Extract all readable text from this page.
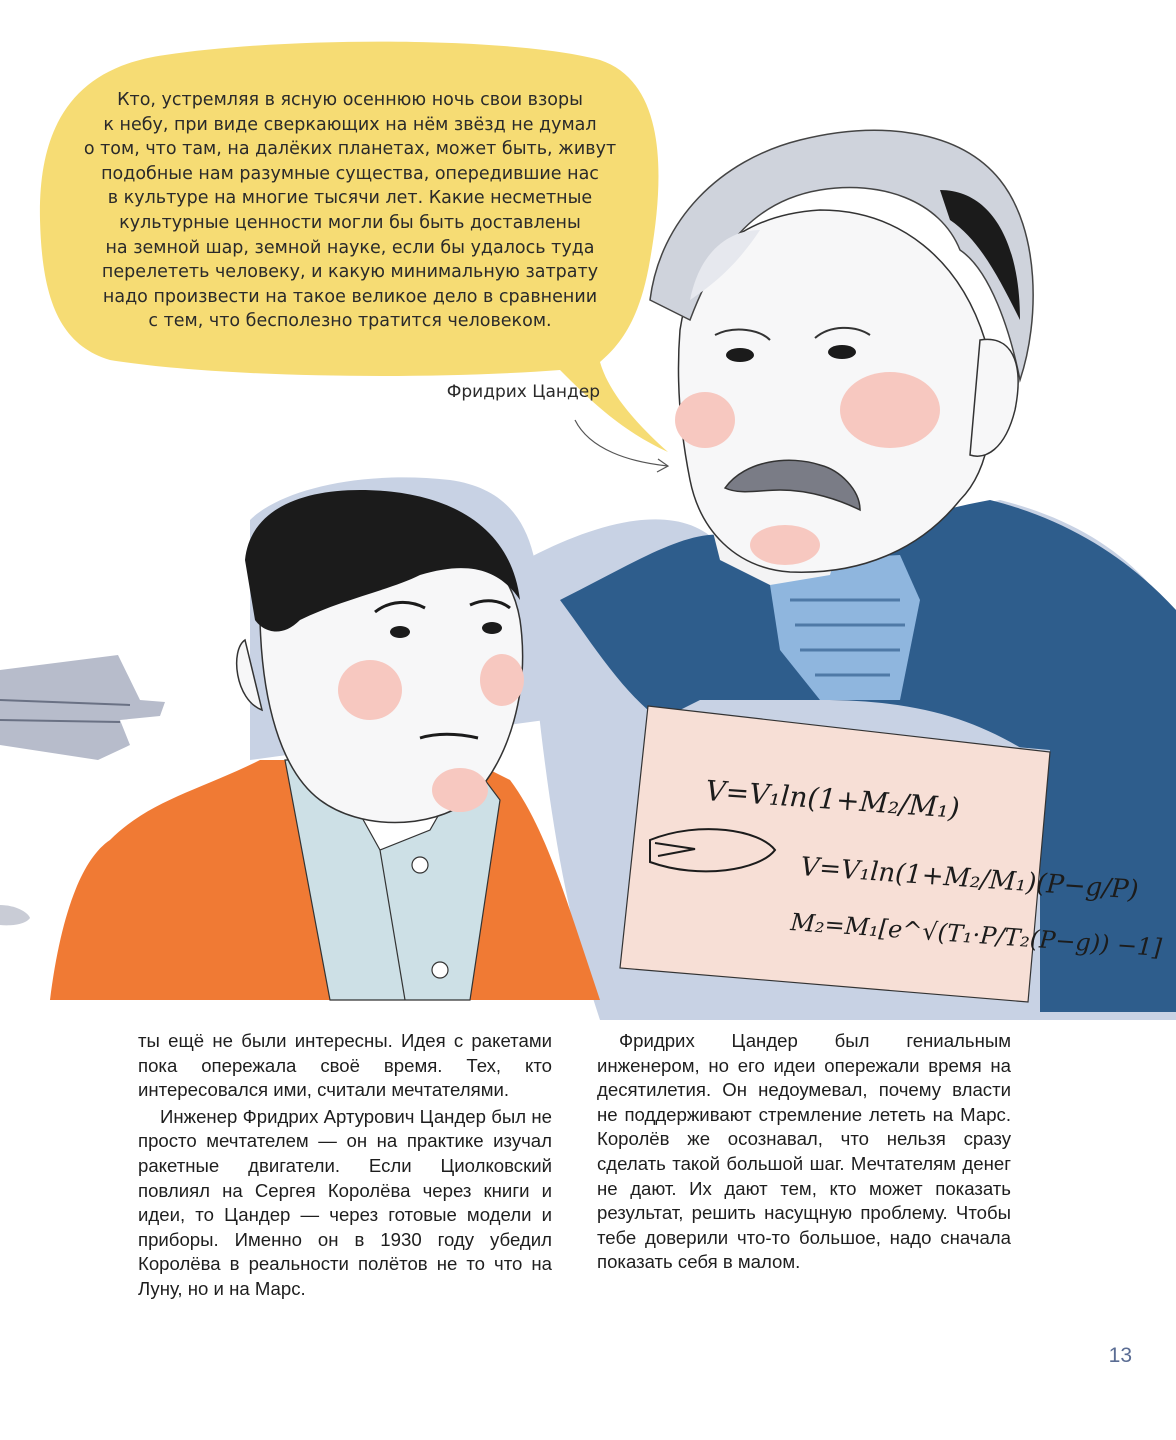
V=V₁ln(1+M₂/M₁)
V=V₁ln(1+M₂/M₁)(P−g/P)
M₂=M₁[e^√(T₁·P/T₂(P−g)) −1]
Кто, устремляя в ясную осеннюю ночь свои взоры
к небу, при виде сверкающих на нём звёзд не думал
о том, что там, на далёких планетах, может быть, живут
подобные нам разумные существа, опередившие нас
в культуре на многие тысячи лет. Какие несметные
культурные ценности могли бы быть доставлены
на земной шар, земной науке, если бы удалось туда
перелететь человеку, и какую минимальную затрату
надо произвести на такое великое дело в сравнении
с тем, что бесполезно тратится человеком.
Фридрих Цандер

ты ещё не были интересны. Идея с ракетами пока опережала своё время. Тех, кто интересовался ими, считали мечтателями.

Инженер Фридрих Артурович Цандер был не просто мечтателем — он на практике изучал ракетные двигатели. Если Циолковский повлиял на Сергея Королёва через книги и идеи, то Цандер — через готовые модели и приборы. Именно он в 1930 году убедил Королёва в реальности полётов не то что на Луну, но и на Марс.

Фридрих Цандер был гениальным инженером, но его идеи опережали время на десятилетия. Он недоумевал, почему власти не поддерживают стремление лететь на Марс. Королёв же осознавал, что нельзя сразу сделать такой большой шаг. Мечтателям денег не дают. Их дают тем, кто может показать результат, решить насущную проблему. Чтобы тебе доверили что-то большое, надо сначала показать себя в малом.

13
